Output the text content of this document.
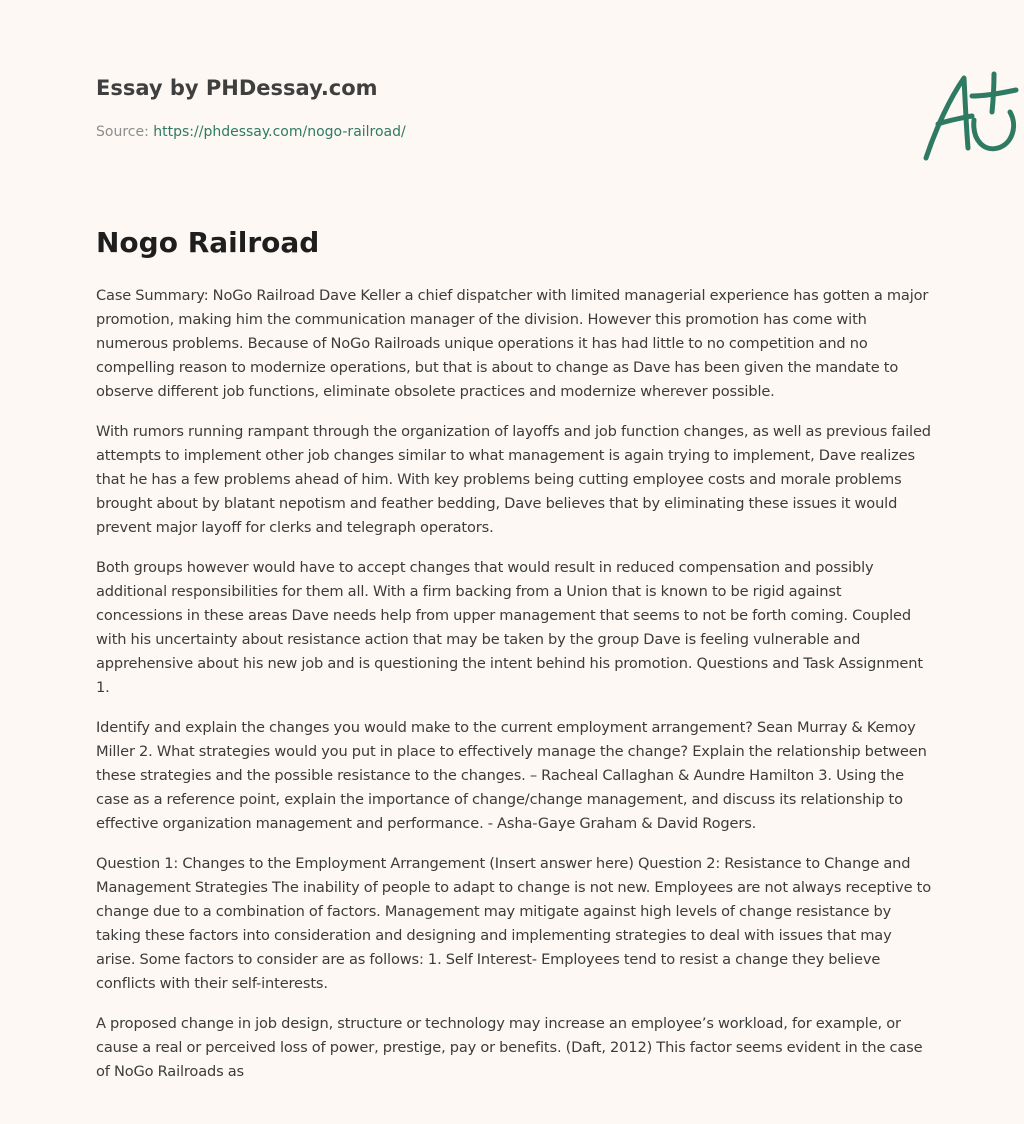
Essay by PHDessay.com
Source: https://phdessay.com/nogo-railroad/
Nogo Railroad

Case Summary: NoGo Railroad Dave Keller a chief dispatcher with limited managerial experience has gotten a major promotion, making him the communication manager of the division. However this promotion has come with numerous problems. Because of NoGo Railroads unique operations it has had little to no competition and no compelling reason to modernize operations, but that is about to change as Dave has been given the mandate to observe different job functions, eliminate obsolete practices and modernize wherever possible.

With rumors running rampant through the organization of layoffs and job function changes, as well as previous failed attempts to implement other job changes similar to what management is again trying to implement, Dave realizes that he has a few problems ahead of him. With key problems being cutting employee costs and morale problems brought about by blatant nepotism and feather bedding, Dave believes that by eliminating these issues it would prevent major layoff for clerks and telegraph operators.

Both groups however would have to accept changes that would result in reduced compensation and possibly additional responsibilities for them all. With a firm backing from a Union that is known to be rigid against concessions in these areas Dave needs help from upper management that seems to not be forth coming. Coupled with his uncertainty about resistance action that may be taken by the group Dave is feeling vulnerable and apprehensive about his new job and is questioning the intent behind his promotion. Questions and Task Assignment 1.

Identify and explain the changes you would make to the current employment arrangement? Sean Murray & Kemoy Miller 2. What strategies would you put in place to effectively manage the change? Explain the relationship between these strategies and the possible resistance to the changes. – Racheal Callaghan & Aundre Hamilton 3. Using the case as a reference point, explain the importance of change/change management, and discuss its relationship to effective organization management and performance. - Asha-Gaye Graham & David Rogers.

Question 1: Changes to the Employment Arrangement (Insert answer here) Question 2: Resistance to Change and Management Strategies The inability of people to adapt to change is not new. Employees are not always receptive to change due to a combination of factors. Management may mitigate against high levels of change resistance by taking these factors into consideration and designing and implementing strategies to deal with issues that may arise. Some factors to consider are as follows: 1. Self Interest- Employees tend to resist a change they believe conflicts with their self-interests.

A proposed change in job design, structure or technology may increase an employee’s workload, for example, or cause a real or perceived loss of power, prestige, pay or benefits. (Daft, 2012) This factor seems evident in the case of NoGo Railroads as
